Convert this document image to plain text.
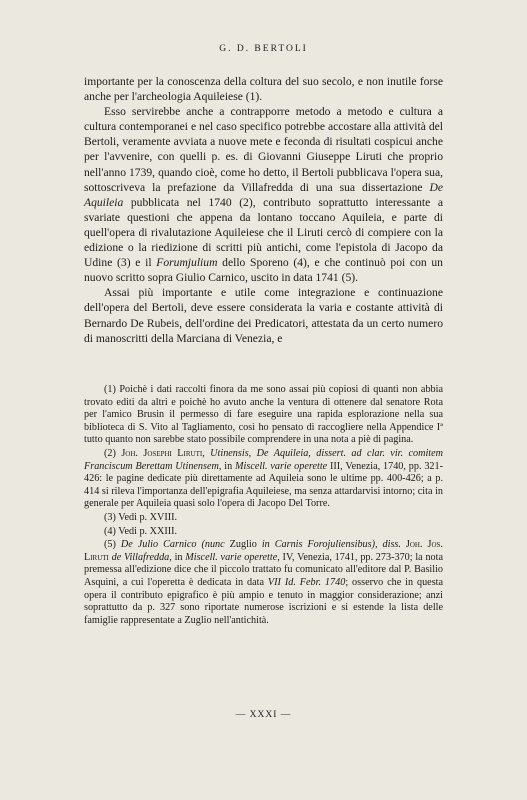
G. D. BERTOLI

importante per la conoscenza della coltura del suo secolo, e non inutile forse anche per l'archeologia Aquileiese (1).

Esso servirebbe anche a contrapporre metodo a metodo e cultura a cultura contemporanei e nel caso specifico potrebbe accostare alla attività del Bertoli, veramente avviata a nuove mete e feconda di risultati cospicui anche per l'avvenire, con quelli p. es. di Giovanni Giuseppe Liruti che proprio nell'anno 1739, quando cioè, come ho detto, il Bertoli pubblicava l'opera sua, sottoscriveva la prefazione da Villafredda di una sua dissertazione De Aquileia pubblicata nel 1740 (2), contributo soprattutto interessante a svariate questioni che appena da lontano toccano Aquileia, e parte di quell'opera di rivalutazione Aquileiese che il Liruti cercò di compiere con la edizione o la riedizione di scritti più antichi, come l'epistola di Jacopo da Udine (3) e il Forumjulium dello Sporeno (4), e che continuò poi con un nuovo scritto sopra Giulio Carnico, uscito in data 1741 (5).

Assai più importante e utile come integrazione e continuazione dell'opera del Bertoli, deve essere considerata la varia e costante attività di Bernardo De Rubeis, dell'ordine dei Predicatori, attestata da un certo numero di manoscritti della Marciana di Venezia, e

(1) Poichè i dati raccolti finora da me sono assai più copiosi di quanti non abbia trovato editi da altri e poichè ho avuto anche la ventura di ottenere dal senatore Rota per l'amico Brusin il permesso di fare eseguire una rapida esplorazione nella sua biblioteca di S. Vito al Tagliamento, così ho pensato di raccogliere nella Appendice Iª tutto quanto non sarebbe stato possibile comprendere in una nota a piè di pagina.

(2) Joh. Josephi Liruti, Utinensis, De Aquileia, dissert. ad clar. vir. comitem Franciscum Berettam Utinensem, in Miscell. varie operette III, Venezia, 1740, pp. 321-426: le pagine dedicate più direttamente ad Aquileia sono le ultime pp. 400-426; a p. 414 si rileva l'importanza dell'epigrafia Aquileiese, ma senza attardarvisi intorno; cita in generale per Aquileia quasi solo l'opera di Jacopo Del Torre.

(3) Vedi p. XVIII.

(4) Vedi p. XXIII.

(5) De Julio Carnico (nunc Zuglio in Carnis Forojuliensibus), diss. Joh. Jos. Liruti de Villafredda, in Miscell. varie operette, IV, Venezia, 1741, pp. 273-370; la nota premessa all'edizione dice che il piccolo trattato fu comunicato all'editore dal P. Basilio Asquini, a cui l'operetta è dedicata in data VII Id. Febr. 1740; osservo che in questa opera il contributo epigrafico è più ampio e tenuto in maggior considerazione; anzi soprattutto da p. 327 sono riportate numerose iscrizioni e si estende la lista delle famiglie rappresentate a Zuglio nell'antichità.

— XXXI —
